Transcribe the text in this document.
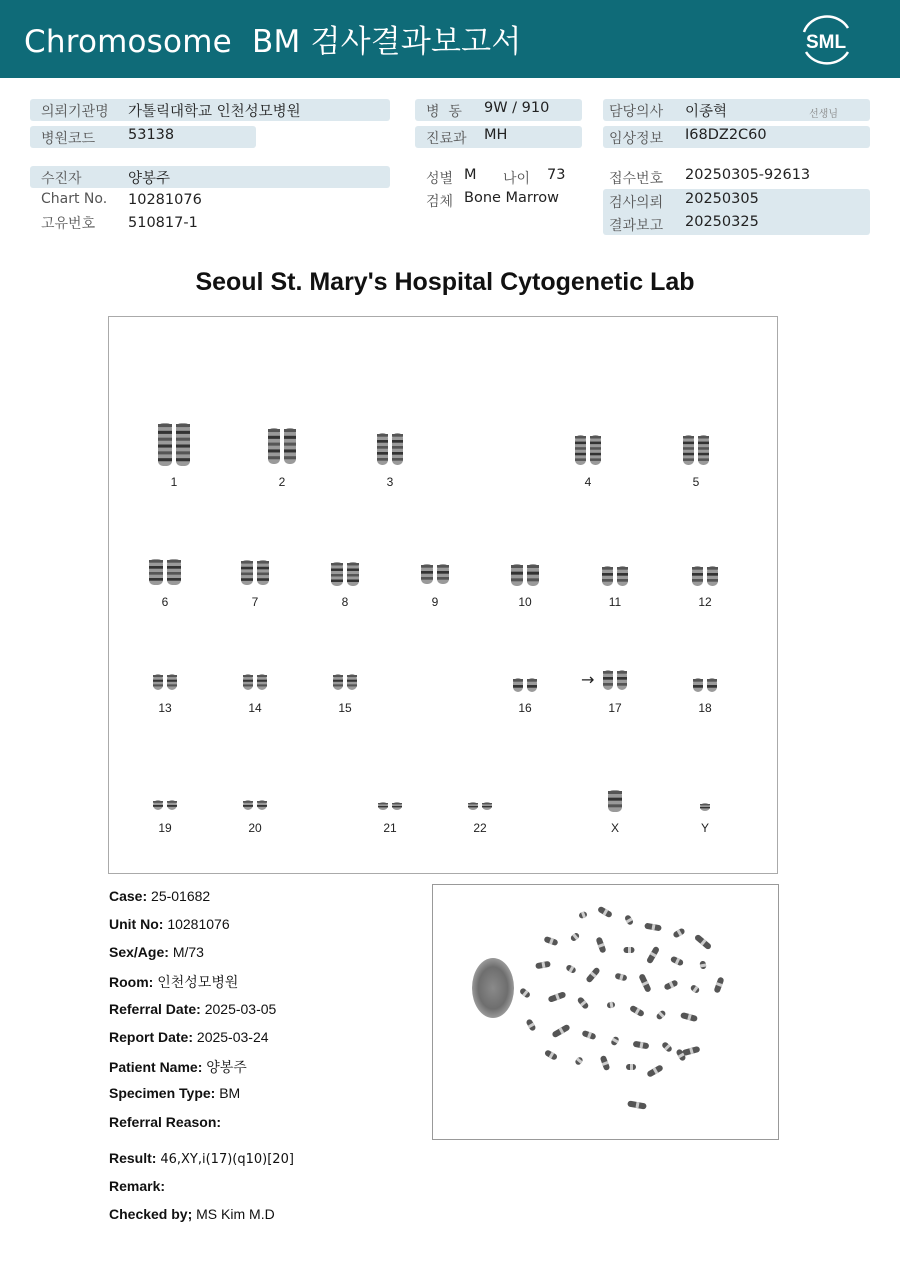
Chromosome  BM 검사결과보고서	SML
의뢰기관명 가톨릭대학교 인천성모병원
병원코드 53138
수진자	양봉주
Chart No. 10281076
고유번호 510817-1
병  동 9W / 910
진료과 MH
성별 M 나이 73
검체 Bone Marrow
담당의사 이종혁	선생님
임상정보 I68DZ2C60
접수번호 20250305-92613
검사의뢰 20250305
결과보고 20250325
Seoul St. Mary's Hospital Cytogenetic Lab
1	2	3	4	5
6	7	8	9	10	11	12
13	14	15	16	17
→
18
19	20	21	22	X	Y
Case: 25-01682
Unit No: 10281076
Sex/Age: M/73
Room: 인천성모병원
Referral Date: 2025-03-05
Report Date: 2025-03-24
Patient Name: 양봉주
Specimen Type: BM
Referral Reason:
Result: 46,XY,i(17)(q10)[20]
Remark:
Checked by; MS Kim M.D
